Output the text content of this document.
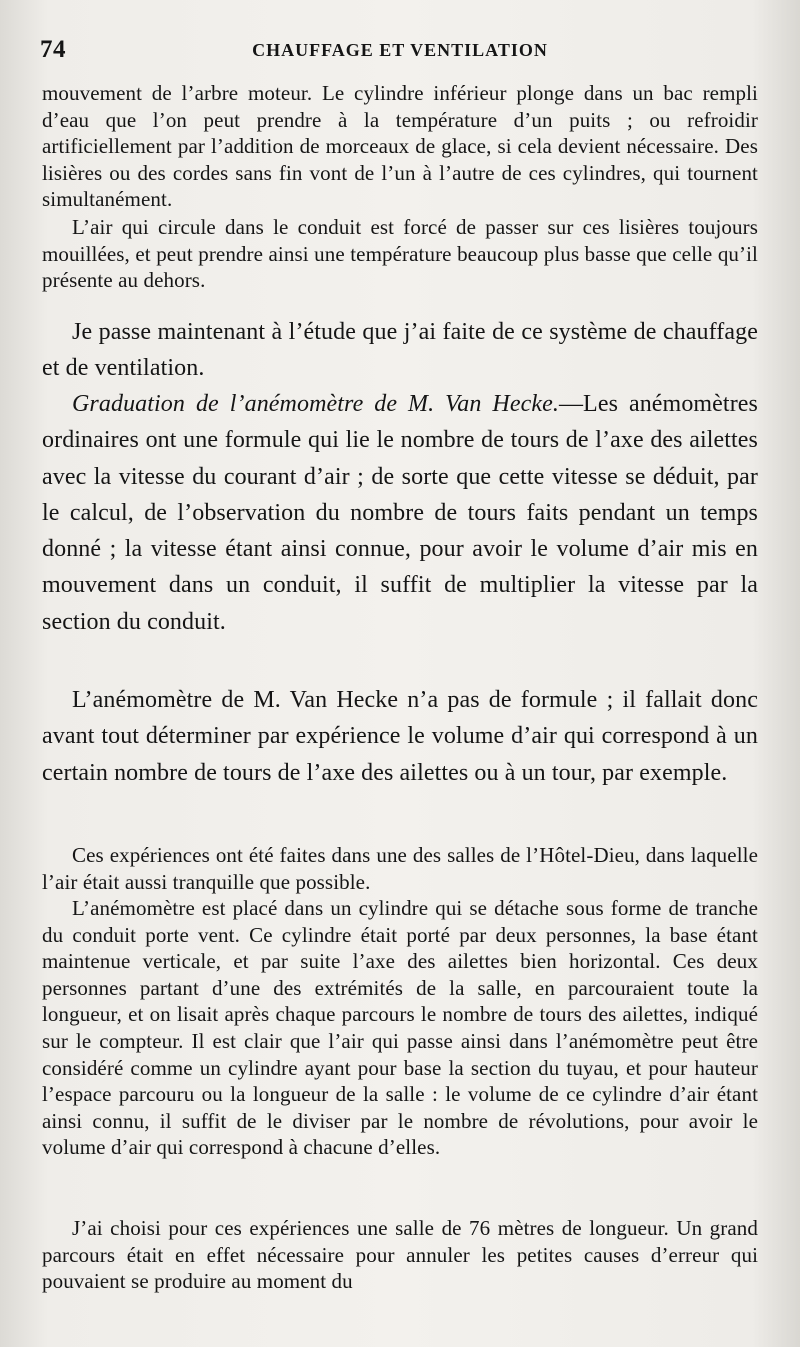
74	CHAUFFAGE ET VENTILATION

mouvement de l’arbre moteur. Le cylindre inférieur plonge dans un bac rempli d’eau que l’on peut prendre à la température d’un puits ; ou refroidir artificiellement par l’addition de morceaux de glace, si cela devient nécessaire. Des lisières ou des cordes sans fin vont de l’un à l’autre de ces cylindres, qui tournent simultanément.

L’air qui circule dans le conduit est forcé de passer sur ces lisières toujours mouillées, et peut prendre ainsi une température beaucoup plus basse que celle qu’il présente au dehors.

Je passe maintenant à l’étude que j’ai faite de ce système de chauffage et de ventilation.

Graduation de l’anémomètre de M. Van Hecke.—Les anémomètres ordinaires ont une formule qui lie le nombre de tours de l’axe des ailettes avec la vitesse du courant d’air ; de sorte que cette vitesse se déduit, par le calcul, de l’observation du nombre de tours faits pendant un temps donné ; la vitesse étant ainsi connue, pour avoir le volume d’air mis en mouvement dans un conduit, il suffit de multiplier la vitesse par la section du conduit.

L’anémomètre de M. Van Hecke n’a pas de formule ; il fallait donc avant tout déterminer par expérience le volume d’air qui correspond à un certain nombre de tours de l’axe des ailettes ou à un tour, par exemple.

Ces expériences ont été faites dans une des salles de l’Hôtel-Dieu, dans laquelle l’air était aussi tranquille que possible.

L’anémomètre est placé dans un cylindre qui se détache sous forme de tranche du conduit porte vent. Ce cylindre était porté par deux personnes, la base étant maintenue verticale, et par suite l’axe des ailettes bien horizontal. Ces deux personnes partant d’une des extrémités de la salle, en parcouraient toute la longueur, et on lisait après chaque parcours le nombre de tours des ailettes, indiqué sur le compteur. Il est clair que l’air qui passe ainsi dans l’anémomètre peut être considéré comme un cylindre ayant pour base la section du tuyau, et pour hauteur l’espace parcouru ou la longueur de la salle : le volume de ce cylindre d’air étant ainsi connu, il suffit de le diviser par le nombre de révolutions, pour avoir le volume d’air qui correspond à chacune d’elles.

J’ai choisi pour ces expériences une salle de 76 mètres de longueur. Un grand parcours était en effet nécessaire pour annuler les petites causes d’erreur qui pouvaient se produire au moment du
